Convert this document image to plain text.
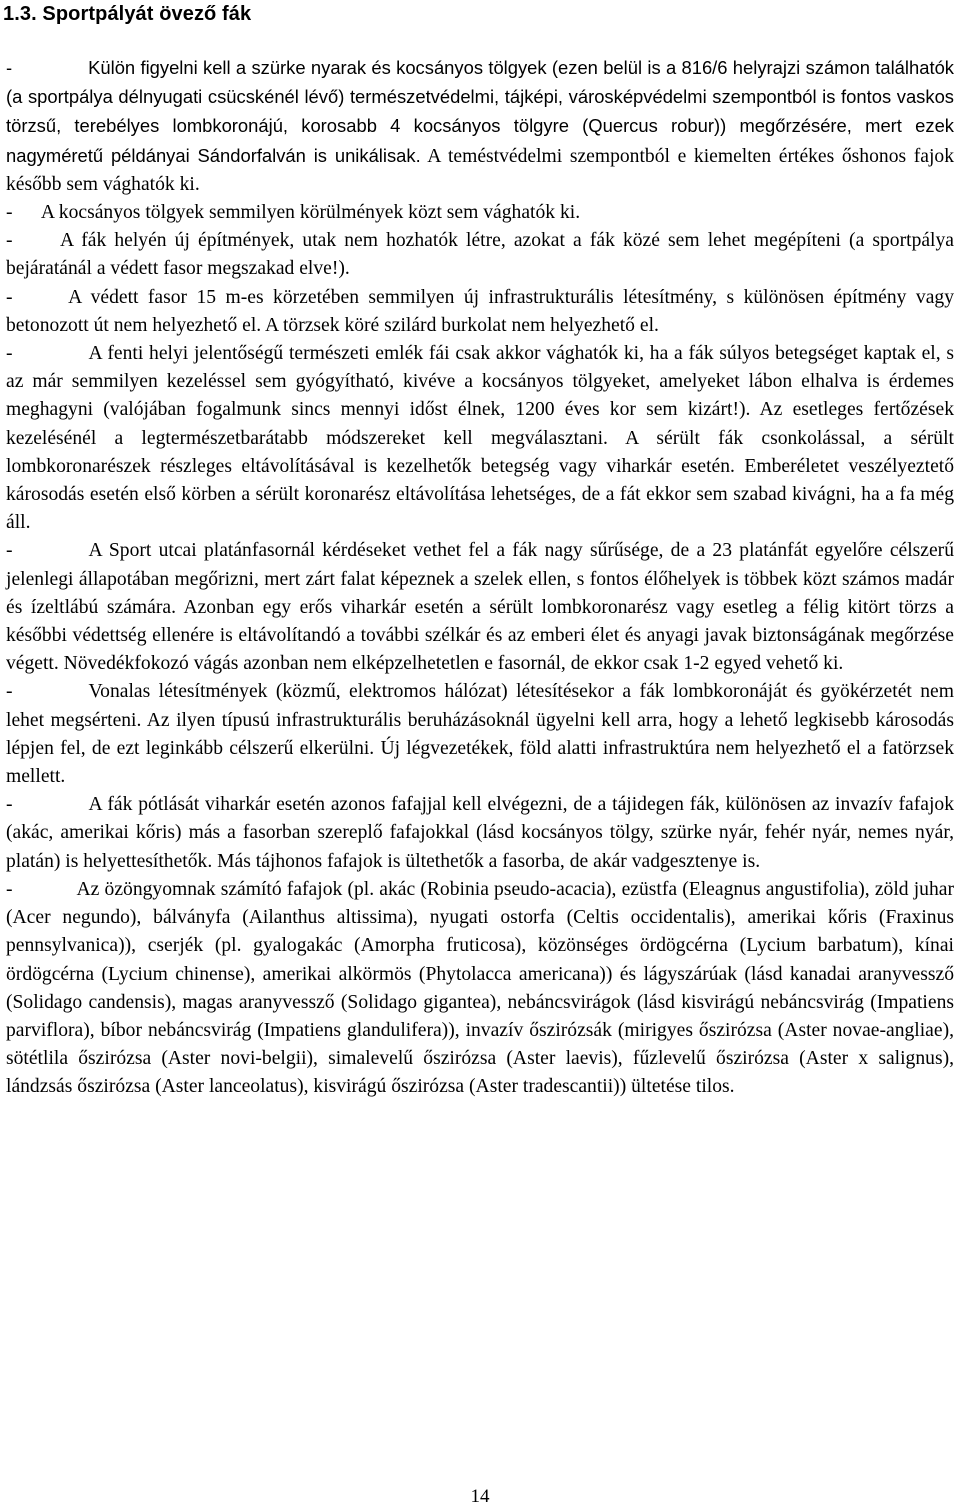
1.3. Sportpályát övező fák

-	Külön figyelni kell a szürke nyarak és kocsányos tölgyek (ezen belül is a 816/6 helyrajzi számon találhatók (a sportpálya délnyugati csücskénél lévő) természetvédelmi, tájképi, városképvédelmi szempontból is fontos vaskos törzsű, terebélyes lombkoronájú, korosabb 4 kocsányos tölgyre (Quercus robur)) megőrzésére, mert ezek nagyméretű példányai Sándorfalván is unikálisak. A teméstvédelmi szempontból e kiemelten értékes őshonos fajok később sem vághatók ki.

-      A kocsányos tölgyek semmilyen körülmények közt sem vághatók ki.

-      A fák helyén új építmények, utak nem hozhatók létre, azokat a fák közé sem lehet megépíteni (a sportpálya bejáratánál a védett fasor megszakad elve!).

-      A védett fasor 15 m-es körzetében semmilyen új infrastrukturális létesítmény, s különösen építmény vagy betonozott út nem helyezhető el. A törzsek köré szilárd burkolat nem helyezhető el.

-	A fenti helyi jelentőségű természeti emlék fái csak akkor vághatók ki, ha a fák súlyos betegséget kaptak el, s az már semmilyen kezeléssel sem gyógyítható, kivéve a kocsányos tölgyeket, amelyeket lábon elhalva is érdemes meghagyni (valójában fogalmunk sincs mennyi időst élnek, 1200 éves kor sem kizárt!). Az esetleges fertőzések kezelésénél a legtermészetbarátabb módszereket kell megválasztani. A sérült fák csonkolással, a sérült lombkoronarészek részleges eltávolításával is kezelhetők betegség vagy viharkár esetén. Emberéletet veszélyeztető károsodás esetén első körben a sérült koronarész eltávolítása lehetséges, de a fát ekkor sem szabad kivágni, ha a fa még áll.

-	A Sport utcai platánfasornál kérdéseket vethet fel a fák nagy sűrűsége, de a 23 platánfát egyelőre célszerű jelenlegi állapotában megőrizni, mert zárt falat képeznek a szelek ellen, s fontos élőhelyek is többek közt számos madár és ízeltlábú számára. Azonban egy erős viharkár esetén a sérült lombkoronarész vagy esetleg a félig kitört törzs a későbbi védettség ellenére is eltávolítandó a további szélkár és az emberi élet és anyagi javak biztonságának megőrzése végett. Növedékfokozó vágás azonban nem elképzelhetetlen e fasornál, de ekkor csak 1-2 egyed vehető ki.

-	Vonalas létesítmények (közmű, elektromos hálózat) létesítésekor a fák lombkoronáját és gyökérzetét nem lehet megsérteni. Az ilyen típusú infrastrukturális beruházásoknál ügyelni kell arra, hogy a lehető legkisebb károsodás lépjen fel, de ezt leginkább célszerű elkerülni. Új légvezetékek, föld alatti infrastruktúra nem helyezhető el a fatörzsek mellett.

-	A fák pótlását viharkár esetén azonos fafajjal kell elvégezni, de a tájidegen fák, különösen az invazív fafajok (akác, amerikai kőris) más a fasorban szereplő fafajokkal (lásd kocsányos tölgy, szürke nyár, fehér nyár, nemes nyár, platán) is helyettesíthetők. Más tájhonos fafajok is ültethetők a fasorba, de akár vadgesztenye is.

-	Az özöngyomnak számító fafajok (pl. akác (Robinia pseudo-acacia), ezüstfa (Eleagnus angustifolia), zöld juhar (Acer negundo), bálványfa (Ailanthus altissima), nyugati ostorfa (Celtis occidentalis), amerikai kőris (Fraxinus pennsylvanica)), cserjék (pl. gyalogakác (Amorpha fruticosa), közönséges ördögcérna (Lycium barbatum), kínai ördögcérna (Lycium chinense), amerikai alkörmös (Phytolacca americana)) és lágyszárúak (lásd kanadai aranyvessző (Solidago candensis), magas aranyvessző (Solidago gigantea), nebáncsvirágok (lásd kisvirágú nebáncsvirág (Impatiens parviflora), bíbor nebáncsvirág (Impatiens glandulifera)), invazív őszirózsák (mirigyes őszirózsa (Aster novae-angliae), sötétlila őszirózsa (Aster novi-belgii), simalevelű őszirózsa (Aster laevis), fűzlevelű őszirózsa (Aster x salignus), lándzsás őszirózsa (Aster lanceolatus), kisvirágú őszirózsa (Aster tradescantii)) ültetése tilos.

14
